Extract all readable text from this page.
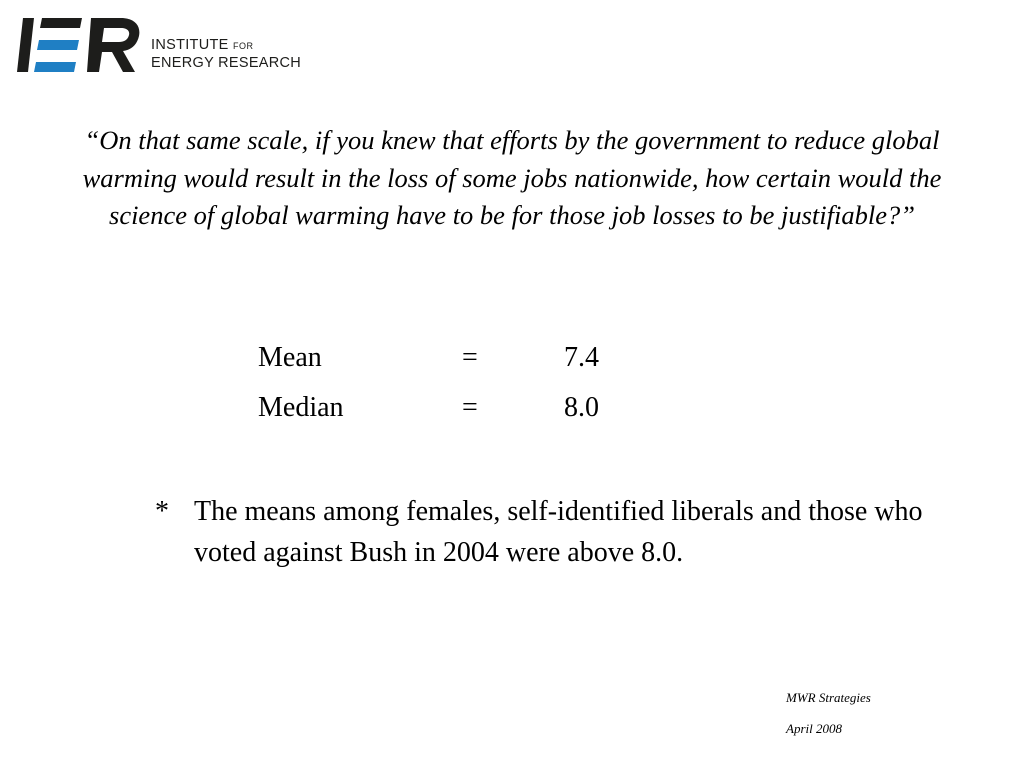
INSTITUTE FOR
ENERGY RESEARCH
“On that same scale, if you knew that efforts by the government to reduce global warming would result in the loss of some jobs nationwide, how certain would the science of global warming have to be for those job losses to be justifiable?”
Mean	=	7.4
Median	=	8.0
* The means among females, self-identified liberals and those who voted against Bush in 2004 were above 8.0.
MWR Strategies
April 2008
